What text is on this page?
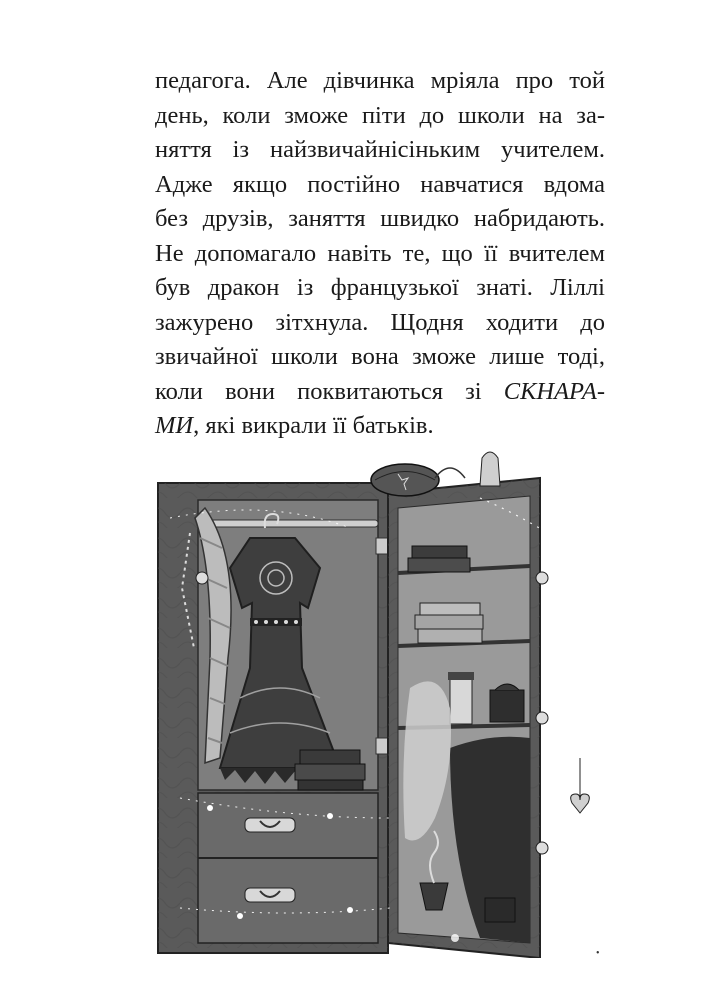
педагога. Але дівчинка мріяла про той
день, коли зможе піти до школи на за-
няття із найзвичайнісіньким учителем.
Адже якщо постійно навчатися вдома
без друзів, заняття швидко набридають.
Не допомагало навіть те, що її вчителем
був дракон із французької знаті. Ліллі
зажурено зітхнула. Щодня ходити до
звичайної школи вона зможе лише тоді,
коли вони поквитаються зі СКНАРА-
МИ, які викрали її батьків.
•
